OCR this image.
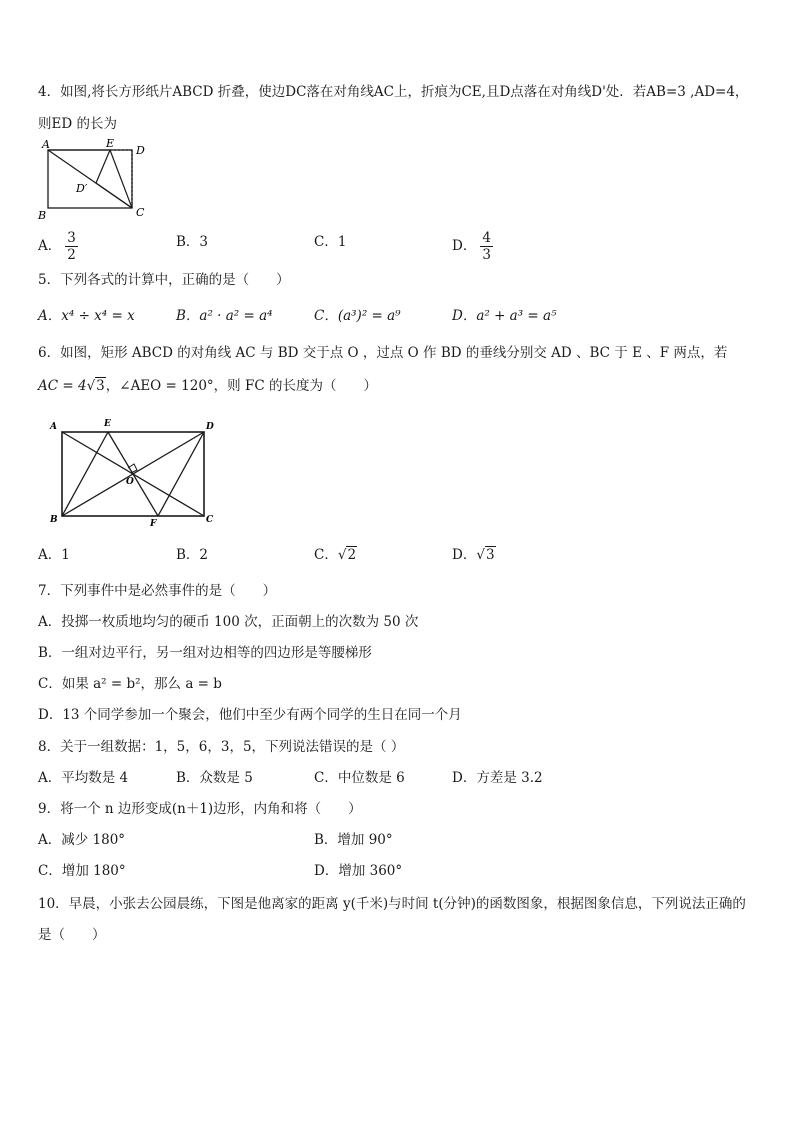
4．如图,将长方形纸片ABCD 折叠，使边DC落在对角线AC上，折痕为CE,且D点落在对角线D'处．若AB=3 ,AD=4，
则ED 的长为
A	E
D
D′
B	C
A． $\frac{3}{2}$	B．3	C．1	D． $\frac{4}{3}$
5．下列各式的计算中，正确的是（　　）
A．x⁴ ÷ x⁴ = x	B．a² · a² = a⁴	C．(a³)² = a⁹	D．a² + a³ = a⁵
6．如图，矩形 ABCD 的对角线 AC 与 BD 交于点 O ，过点 O 作 BD 的垂线分别交 AD 、BC 于 E 、F 两点，若
AC = 4√3，∠AEO = 120°，则 FC 的长度为（　　）
A	E	D
O
B	F	C
A．1	B．2	C．√2	D．√3
7．下列事件中是必然事件的是（　　）
A．投掷一枚质地均匀的硬币 100 次，正面朝上的次数为 50 次
B．一组对边平行，另一组对边相等的四边形是等腰梯形
C．如果 a² = b²，那么 a = b
D．13 个同学参加一个聚会，他们中至少有两个同学的生日在同一个月
8．关于一组数据：1，5，6，3，5，下列说法错误的是（ ）
A．平均数是 4	B．众数是 5	C．中位数是 6	D．方差是 3.2
9．将一个 n 边形变成(n＋1)边形，内角和将（　　）
A．减少 180°	B．增加 90°
C．增加 180°	D．增加 360°
10．早晨，小张去公园晨练，下图是他离家的距离 y(千米)与时间 t(分钟)的函数图象，根据图象信息，下列说法正确的
是（　　）
